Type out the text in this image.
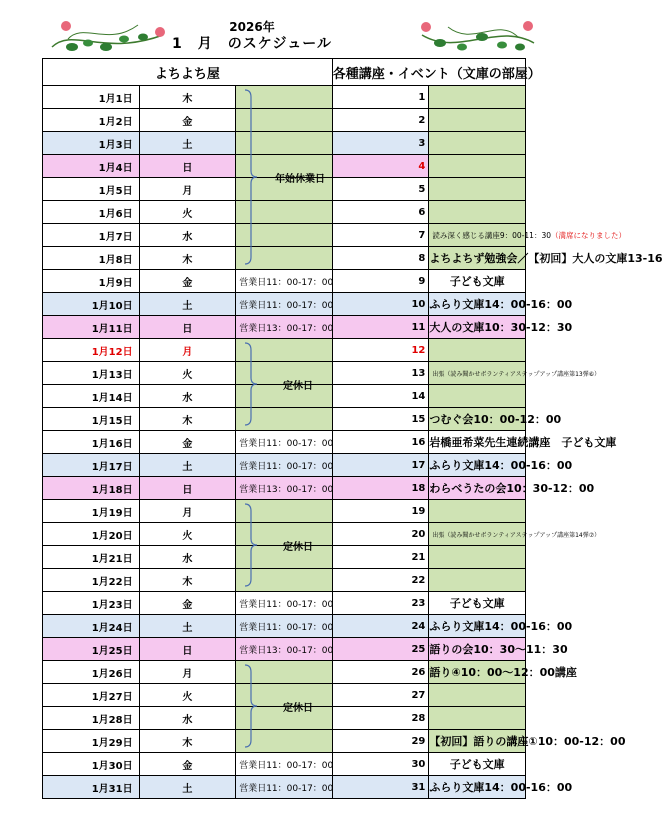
2026年
1　月　のスケジュール
よちよち屋			各種講座・イベント（文庫の部屋）	
1月1日	木		1	
1月2日	金		2	
1月3日	土		3	
1月4日	日		4	
1月5日	月		5	
1月6日	火		6	
1月7日	水		7	読み深く感じる講座9：00-11：30（満席になりました）
1月8日	木		8	よちよちず勉強会／【初回】大人の文庫13-16
1月9日	金	営業日11：00-17：00	9	子ども文庫
1月10日	土	営業日11：00-17：00	10	ふらり文庫14：00-16：00
1月11日	日	営業日13：00-17：00	11	大人の文庫10：30-12：30
1月12日	月		12	
1月13日	火		13	出張（読み聞かせボランティアステップアップ講座第13弾⑥）
1月14日	水		14	
1月15日	木		15	つむぐ会10：00-12：00
1月16日	金	営業日11：00-17：00	16	岩橋亜希菜先生連続講座　子ども文庫
1月17日	土	営業日11：00-17：00	17	ふらり文庫14：00-16：00
1月18日	日	営業日13：00-17：00	18	わらべうたの会10：30-12：00
1月19日	月		19	
1月20日	火		20	出張（読み聞かせボランティアステップアップ講座第14弾⑦）
1月21日	水		21	
1月22日	木		22	
1月23日	金	営業日11：00-17：00	23	子ども文庫
1月24日	土	営業日11：00-17：00	24	ふらり文庫14：00-16：00
1月25日	日	営業日13：00-17：00	25	語りの会10：30～11：30
1月26日	月		26	語り④10：00～12：00講座
1月27日	火		27	
1月28日	水		28	
1月29日	木		29	【初回】語りの講座①10：00-12：00
1月30日	金	営業日11：00-17：00	30	子ども文庫
1月31日	土	営業日11：00-17：00	31	ふらり文庫14：00-16：00
年始休業日
定休日
定休日
定休日
